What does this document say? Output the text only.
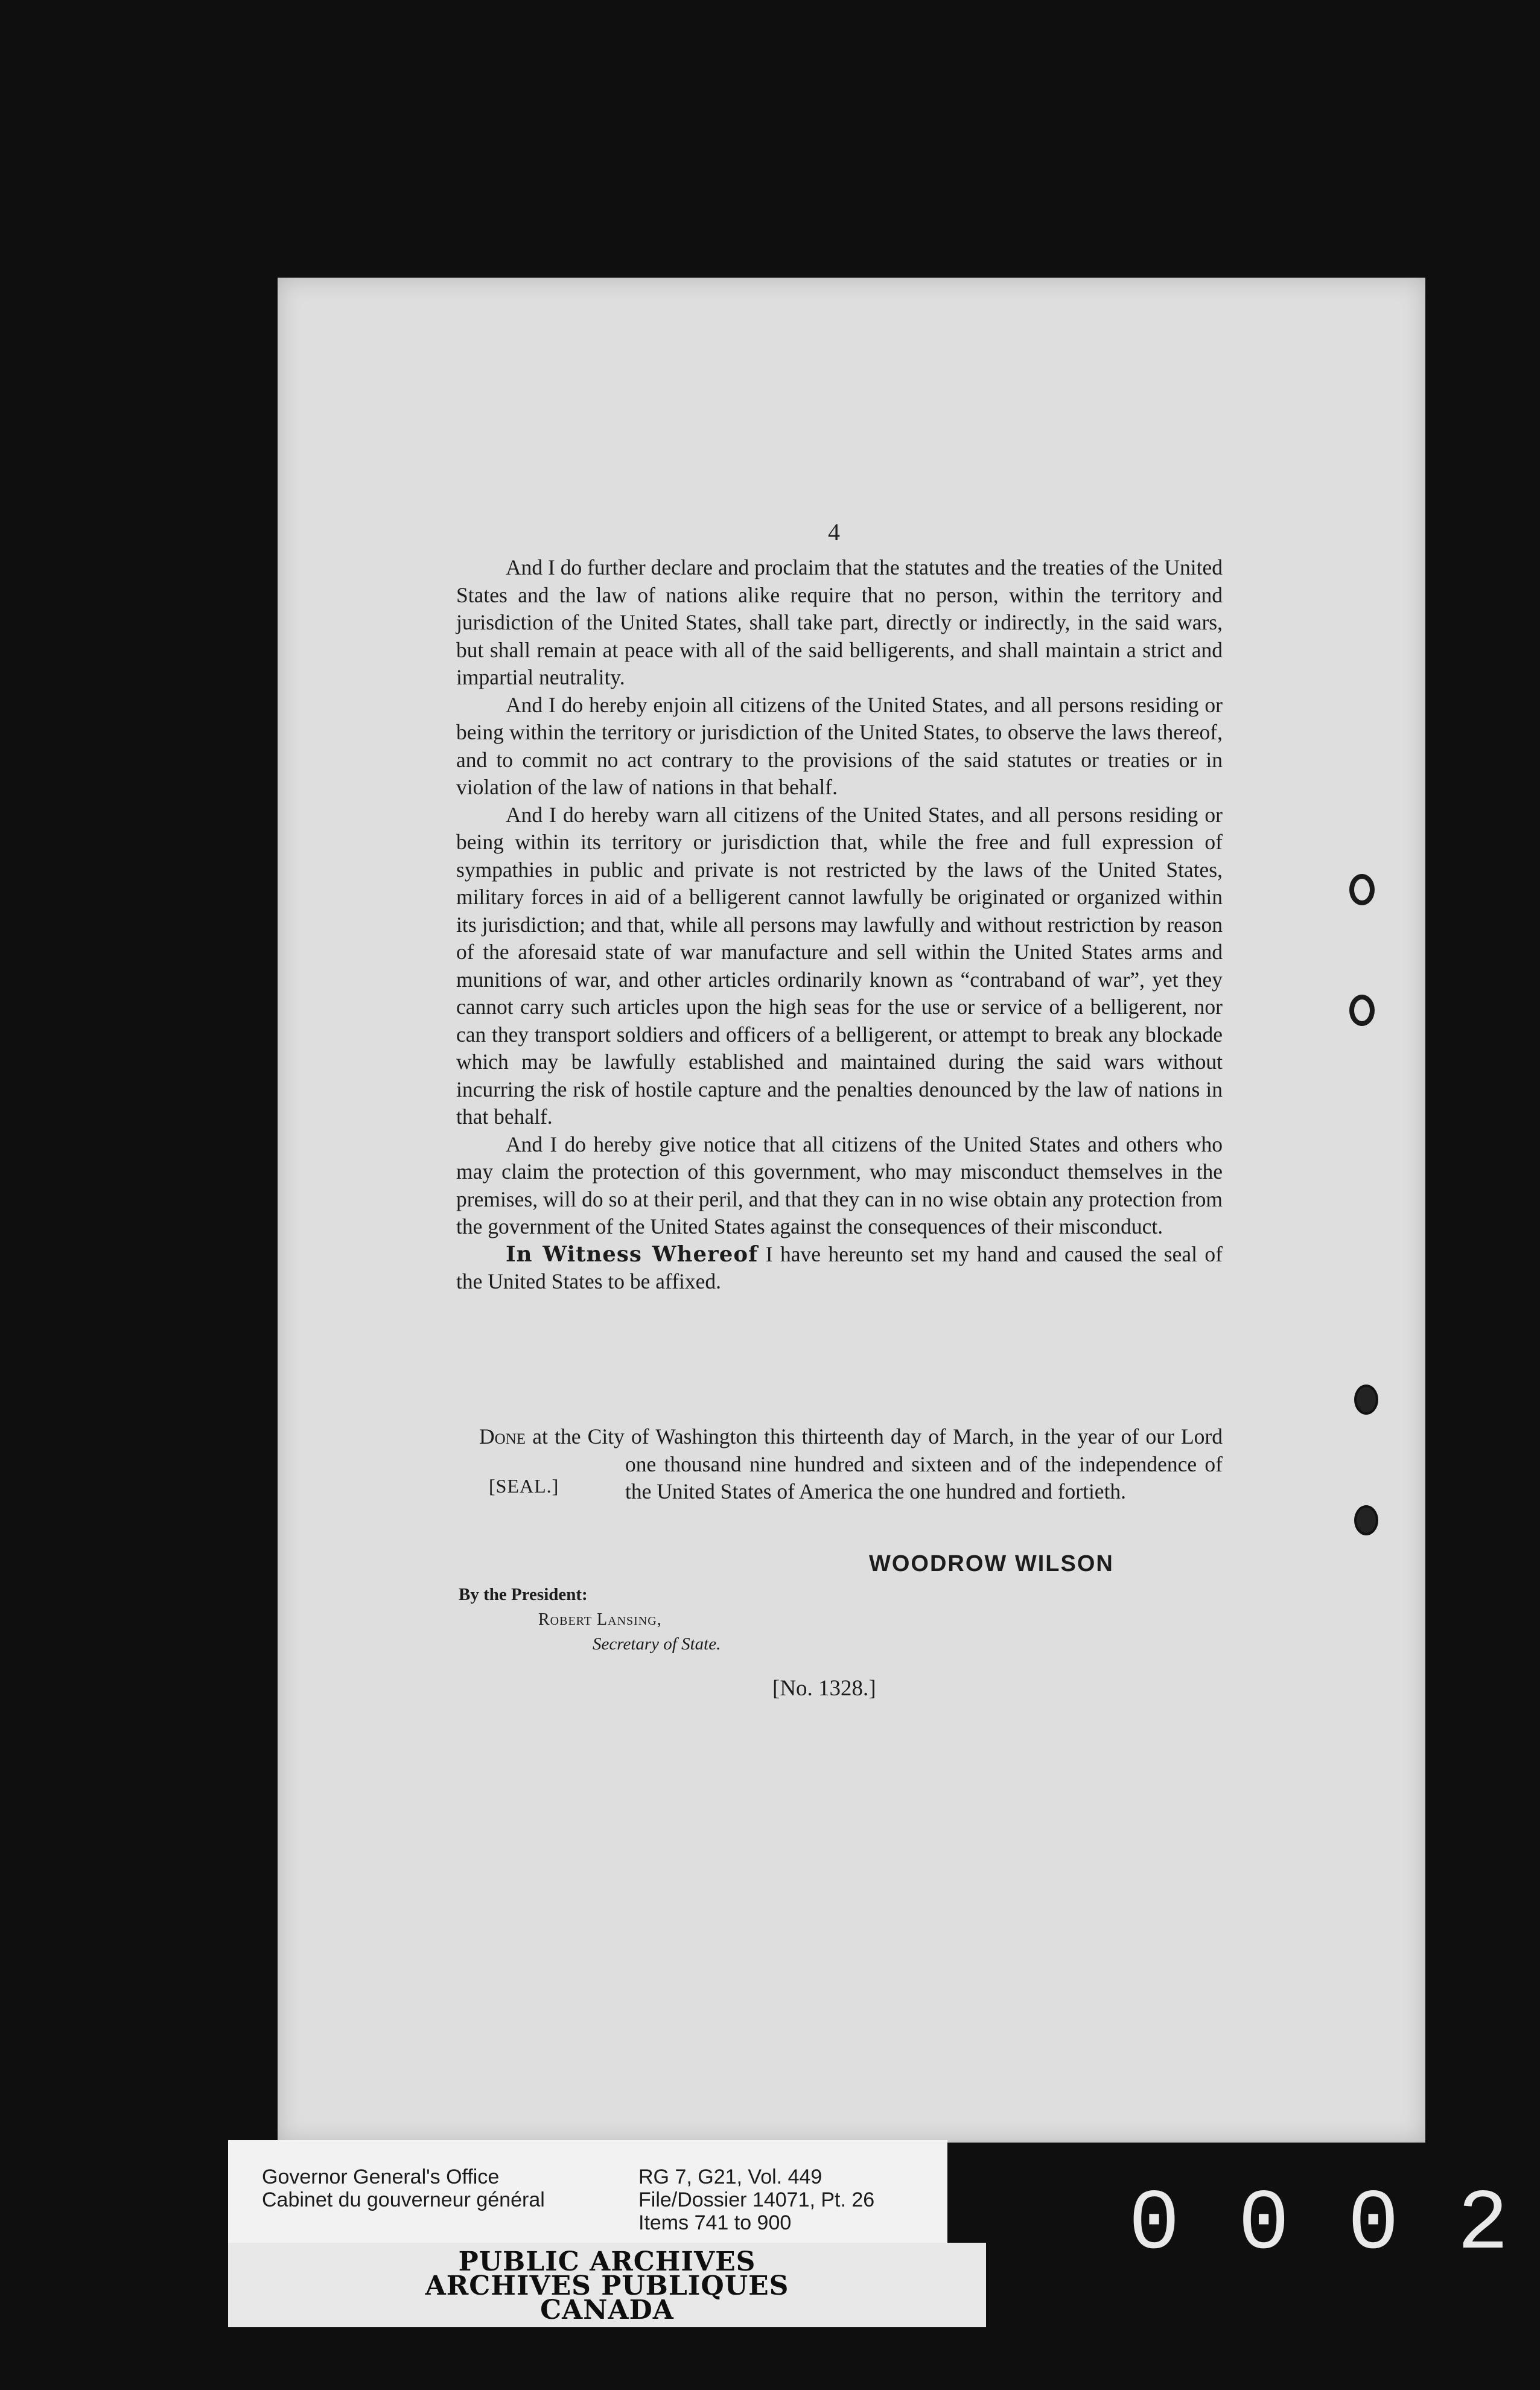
4

And I do further declare and proclaim that the statutes and the treaties of the United States and the law of nations alike require that no person, within the territory and jurisdiction of the United States, shall take part, directly or indirectly, in the said wars, but shall remain at peace with all of the said belligerents, and shall maintain a strict and impartial neutrality.

And I do hereby enjoin all citizens of the United States, and all persons residing or being within the territory or jurisdiction of the United States, to observe the laws thereof, and to commit no act contrary to the provisions of the said statutes or treaties or in violation of the law of nations in that behalf.

And I do hereby warn all citizens of the United States, and all persons residing or being within its territory or jurisdiction that, while the free and full expression of sympathies in public and private is not restricted by the laws of the United States, military forces in aid of a belligerent cannot lawfully be originated or organized within its jurisdiction; and that, while all persons may lawfully and without restriction by reason of the aforesaid state of war manufacture and sell within the United States arms and munitions of war, and other articles ordinarily known as “contraband of war”, yet they cannot carry such articles upon the high seas for the use or service of a belligerent, nor can they transport soldiers and officers of a belligerent, or attempt to break any blockade which may be lawfully established and maintained during the said wars without incurring the risk of hostile capture and the penalties denounced by the law of nations in that behalf.

And I do hereby give notice that all citizens of the United States and others who may claim the protection of this government, who may misconduct themselves in the premises, will do so at their peril, and that they can in no wise obtain any protection from the government of the United States against the consequences of their misconduct.

In Witness Whereof I have hereunto set my hand and caused the seal of the United States to be affixed.

Done at the City of Washington this thirteenth day of March, in the year of our Lord one thousand nine hundred and sixteen and of the independence of the United States of America the one hundred and fortieth.
[SEAL.]
WOODROW WILSON
By the President:
Robert Lansing,
Secretary of State.
[No. 1328.]
Governor General's Office
Cabinet du gouverneur général
RG 7, G21, Vol. 449
File/Dossier 14071, Pt. 26
Items 741 to 900
PUBLIC ARCHIVES
ARCHIVES PUBLIQUES
CANADA
0 0 0 2
